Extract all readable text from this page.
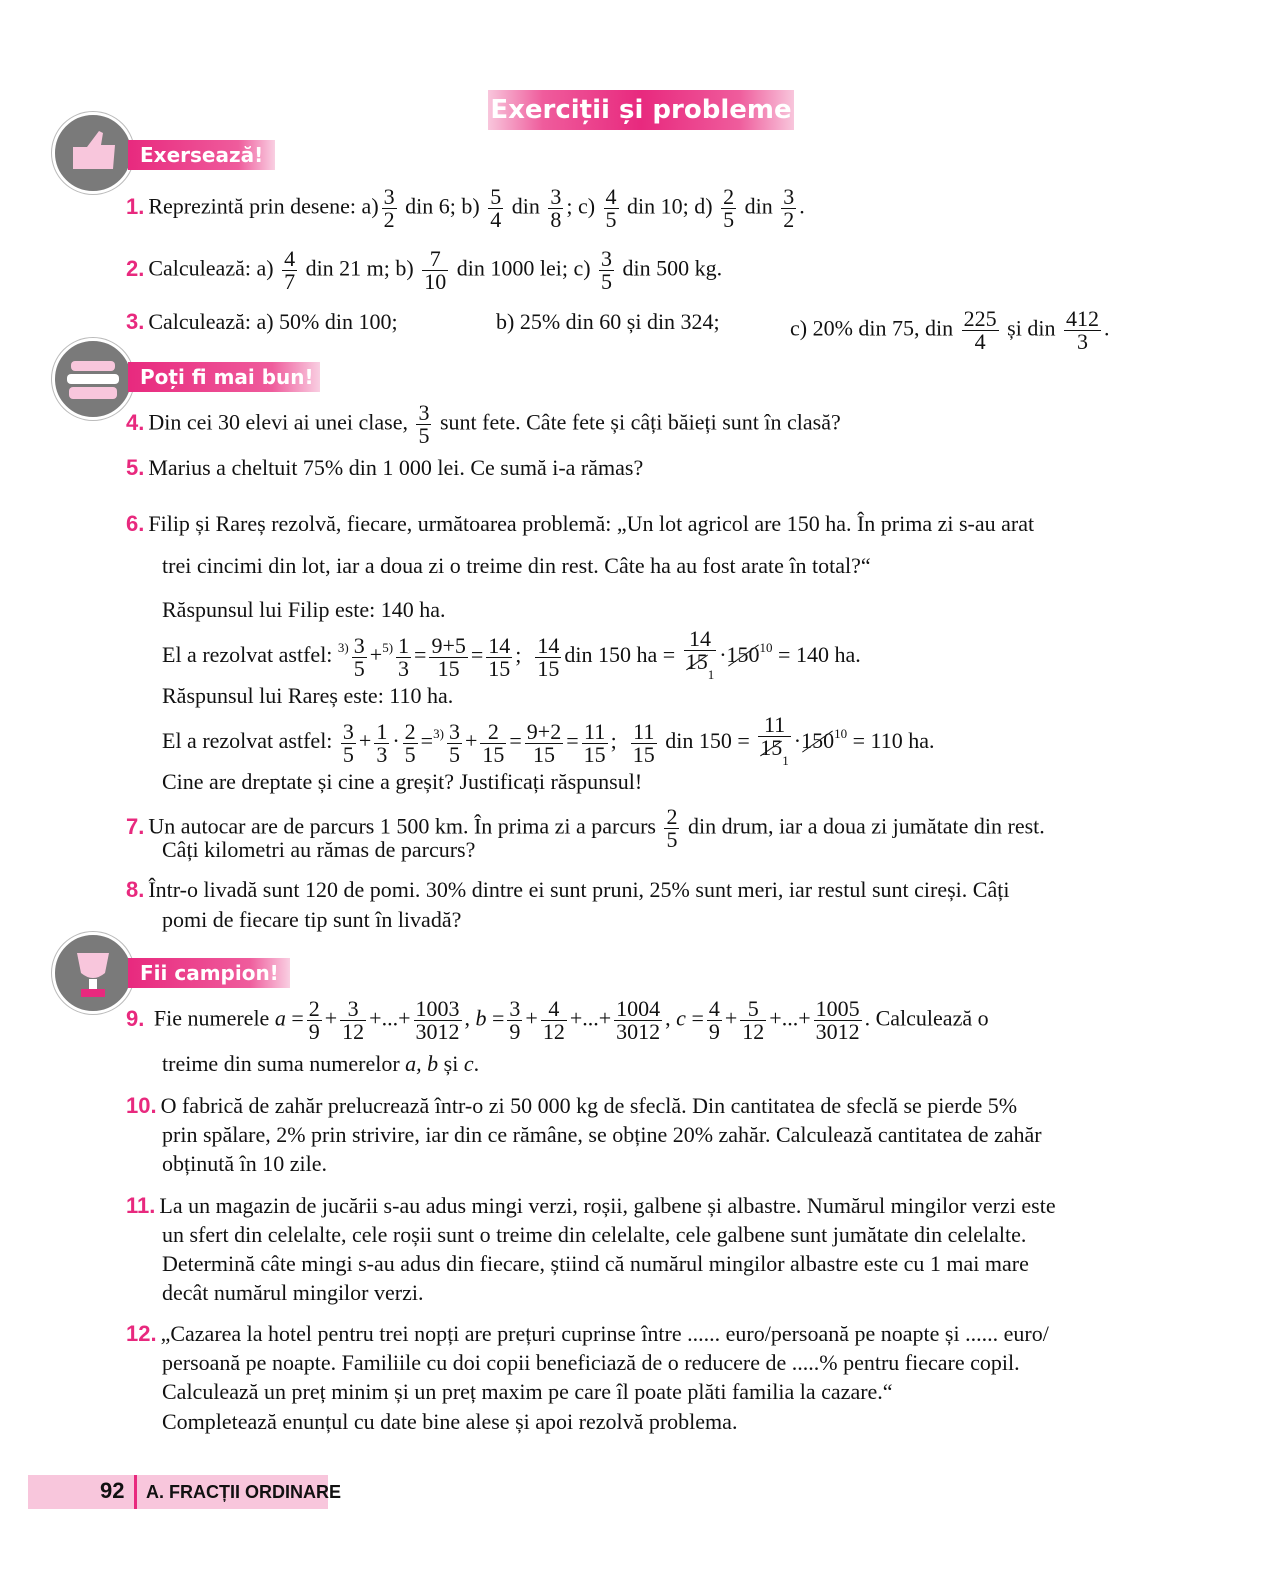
Exerciții și probleme
Exersează!
1. Reprezintă prin desene: $a) \frac{3}{2}$ din 6; $b) \frac{5}{4}$ din $\frac{3}{8}$ ; $c) \frac{4}{5}$ din 10; $d) \frac{2}{5}$ din $\frac{3}{2}$ .
2. Calculează: $a) \frac{4}{7}$ din 21 m; $b) \frac{7}{10}$ din 1000 lei; $c) \frac{3}{5}$ din 500 kg.
3. Calculează: a) 50% din 100;	b) 25% din 60 și din 324;	c) 20% din 75, din $\frac{225}{4}$ și din $\frac{412}{3}$ .
Poți fi mai bun!
4. Din cei 30 elevi ai unei clase, $\frac{3}{5}$ sunt fete. Câte fete și câți băieți sunt în clasă?
5. Marius a cheltuit 75% din 1 000 lei. Ce sumă i-a rămas?
6. Filip și Rareș rezolvă, fiecare, următoarea problemă: „Un lot agricol are 150 ha. În prima zi s-au arat
trei cincimi din lot, iar a doua zi o treime din rest. Câte ha au fost arate în total?“
Răspunsul lui Filip este: 140 ha.
El a rezolvat astfel: $^{3)} \frac{3}{5} +^{5)} \frac{1}{3} = \frac{9+5}{15} = \frac{14}{15}$ ; $\frac{14}{15}$ din 150 ha = $\frac{14}{15_1} \cdot 150^{10} = 140$ ha.
Răspunsul lui Rareș este: 110 ha.
El a rezolvat astfel: $\frac{3}{5} + \frac{1}{3} \cdot \frac{2}{5} =^{3)} \frac{3}{5} + \frac{2}{15} = \frac{9+2}{15} = \frac{11}{15}$ ; $\frac{11}{15}$ din $150 = \frac{11}{15_1} \cdot 150^{10} = 110$ ha.
Cine are dreptate și cine a greșit? Justificați răspunsul!
7. Un autocar are de parcurs 1 500 km. În prima zi a parcurs $\frac{2}{5}$ din drum, iar a doua zi jumătate din rest.
Câți kilometri au rămas de parcurs?
8. Într-o livadă sunt 120 de pomi. 30% dintre ei sunt pruni, 25% sunt meri, iar restul sunt cireși. Câți
pomi de fiecare tip sunt în livadă?
Fii campion!
9. Fie numerele $a = \frac{2}{9} + \frac{3}{12}$ +...+ $\frac{1003}{3012}$ , $b = \frac{3}{9} + \frac{4}{12}$ +...+ $\frac{1004}{3012}$ , $c = \frac{4}{9} + \frac{5}{12}$ +...+ $\frac{1005}{3012}$ . Calculează o
treime din suma numerelor a, b și c.
10. O fabrică de zahăr prelucrează într-o zi 50 000 kg de sfeclă. Din cantitatea de sfeclă se pierde 5%
prin spălare, 2% prin strivire, iar din ce rămâne, se obține 20% zahăr. Calculează cantitatea de zahăr
obținută în 10 zile.
11. La un magazin de jucării s-au adus mingi verzi, roșii, galbene și albastre. Numărul mingilor verzi este
un sfert din celelalte, cele roșii sunt o treime din celelalte, cele galbene sunt jumătate din celelalte.
Determină câte mingi s-au adus din fiecare, știind că numărul mingilor albastre este cu 1 mai mare
decât numărul mingilor verzi.
12. „Cazarea la hotel pentru trei nopți are prețuri cuprinse între ...... euro/persoană pe noapte și ...... euro/
persoană pe noapte. Familiile cu doi copii beneficiază de o reducere de .....% pentru fiecare copil.
Calculează un preț minim și un preț maxim pe care îl poate plăti familia la cazare.“
Completează enunțul cu date bine alese și apoi rezolvă problema.
92 A. FRACȚII ORDINARE
